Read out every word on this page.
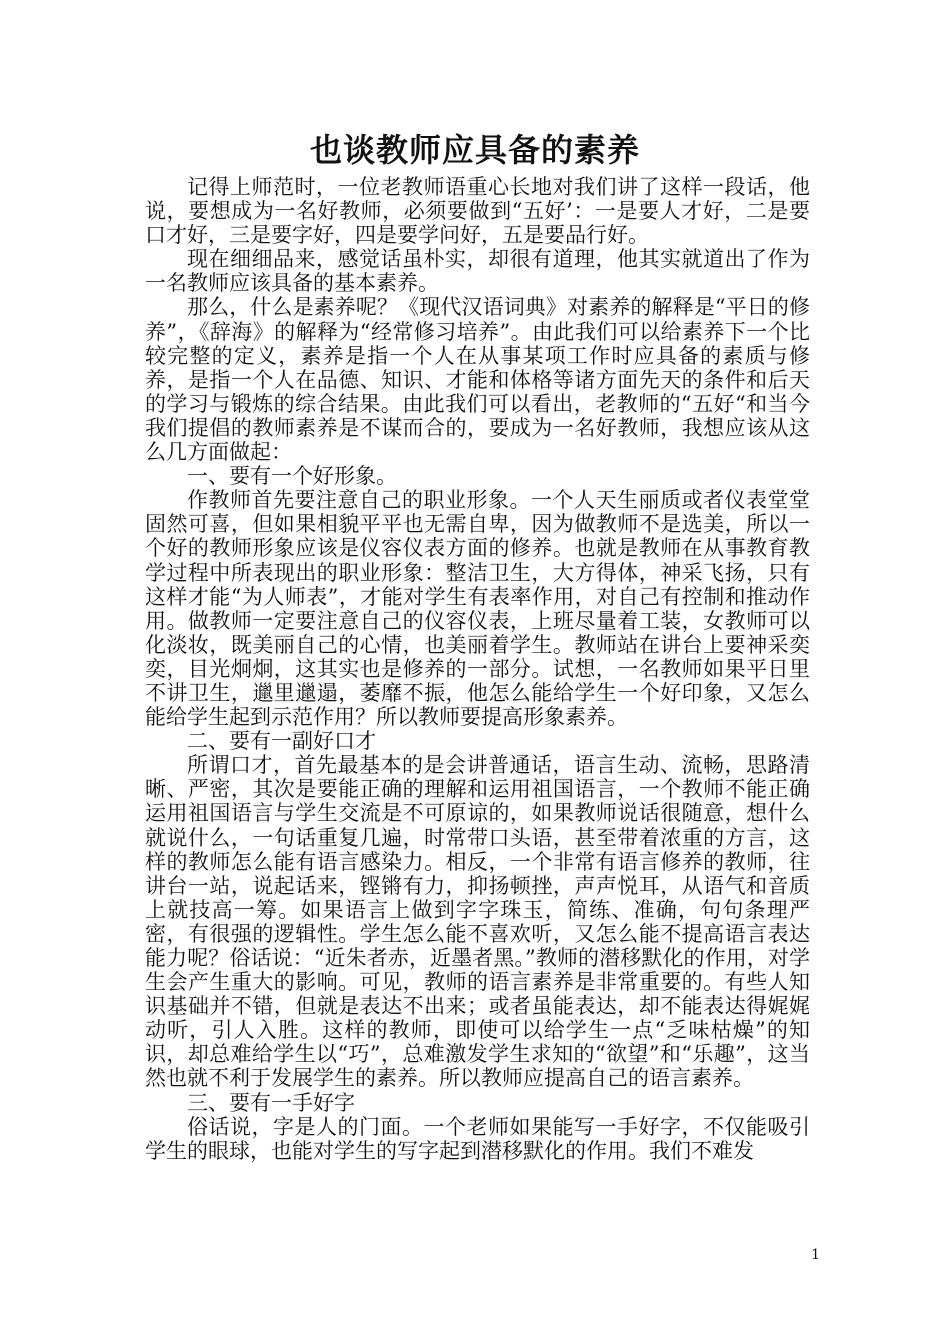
也谈教师应具备的素养

记得上师范时，一位老教师语重心长地对我们讲了这样一段话，他说，要想成为一名好教师，必须要做到“五好’：一是要人才好，二是要口才好，三是要字好，四是要学问好，五是要品行好。

现在细细品来，感觉话虽朴实，却很有道理，他其实就道出了作为一名教师应该具备的基本素养。

那么，什么是素养呢？《现代汉语词典》对素养的解释是“平日的修养”，《辞海》的解释为“经常修习培养”。由此我们可以给素养下一个比较完整的定义，素养是指一个人在从事某项工作时应具备的素质与修养，是指一个人在品德、知识、才能和体格等诸方面先天的条件和后天的学习与锻炼的综合结果。由此我们可以看出，老教师的“五好“和当今我们提倡的教师素养是不谋而合的，要成为一名好教师，我想应该从这么几方面做起：

一、要有一个好形象。

作教师首先要注意自己的职业形象。一个人天生丽质或者仪表堂堂固然可喜，但如果相貌平平也无需自卑，因为做教师不是选美，所以一个好的教师形象应该是仪容仪表方面的修养。也就是教师在从事教育教学过程中所表现出的职业形象：整洁卫生，大方得体，神采飞扬，只有这样才能“为人师表”，才能对学生有表率作用，对自己有控制和推动作用。做教师一定要注意自己的仪容仪表，上班尽量着工装，女教师可以化淡妆，既美丽自己的心情，也美丽着学生。教师站在讲台上要神采奕奕，目光炯炯，这其实也是修养的一部分。试想，一名教师如果平日里不讲卫生，邋里邋遢，萎靡不振，他怎么能给学生一个好印象，又怎么能给学生起到示范作用？所以教师要提高形象素养。

二、要有一副好口才

所谓口才，首先最基本的是会讲普通话，语言生动、流畅，思路清晰、严密，其次是要能正确的理解和运用祖国语言，一个教师不能正确运用祖国语言与学生交流是不可原谅的，如果教师说话很随意，想什么就说什么，一句话重复几遍，时常带口头语，甚至带着浓重的方言，这样的教师怎么能有语言感染力。相反，一个非常有语言修养的教师，往讲台一站，说起话来，铿锵有力，抑扬顿挫，声声悦耳，从语气和音质上就技高一筹。如果语言上做到字字珠玉，简练、准确，句句条理严密，有很强的逻辑性。学生怎么能不喜欢听，又怎么能不提高语言表达能力呢？俗话说：“近朱者赤，近墨者黑。”教师的潜移默化的作用，对学生会产生重大的影响。可见，教师的语言素养是非常重要的。有些人知识基础并不错，但就是表达不出来；或者虽能表达，却不能表达得娓娓动听，引人入胜。这样的教师，即使可以给学生一点“乏味枯燥”的知识，却总难给学生以“巧”，总难激发学生求知的“欲望”和“乐趣”，这当然也就不利于发展学生的素养。所以教师应提高自己的语言素养。

三、要有一手好字

俗话说，字是人的门面。一个老师如果能写一手好字，不仅能吸引学生的眼球，也能对学生的写字起到潜移默化的作用。我们不难发

1
